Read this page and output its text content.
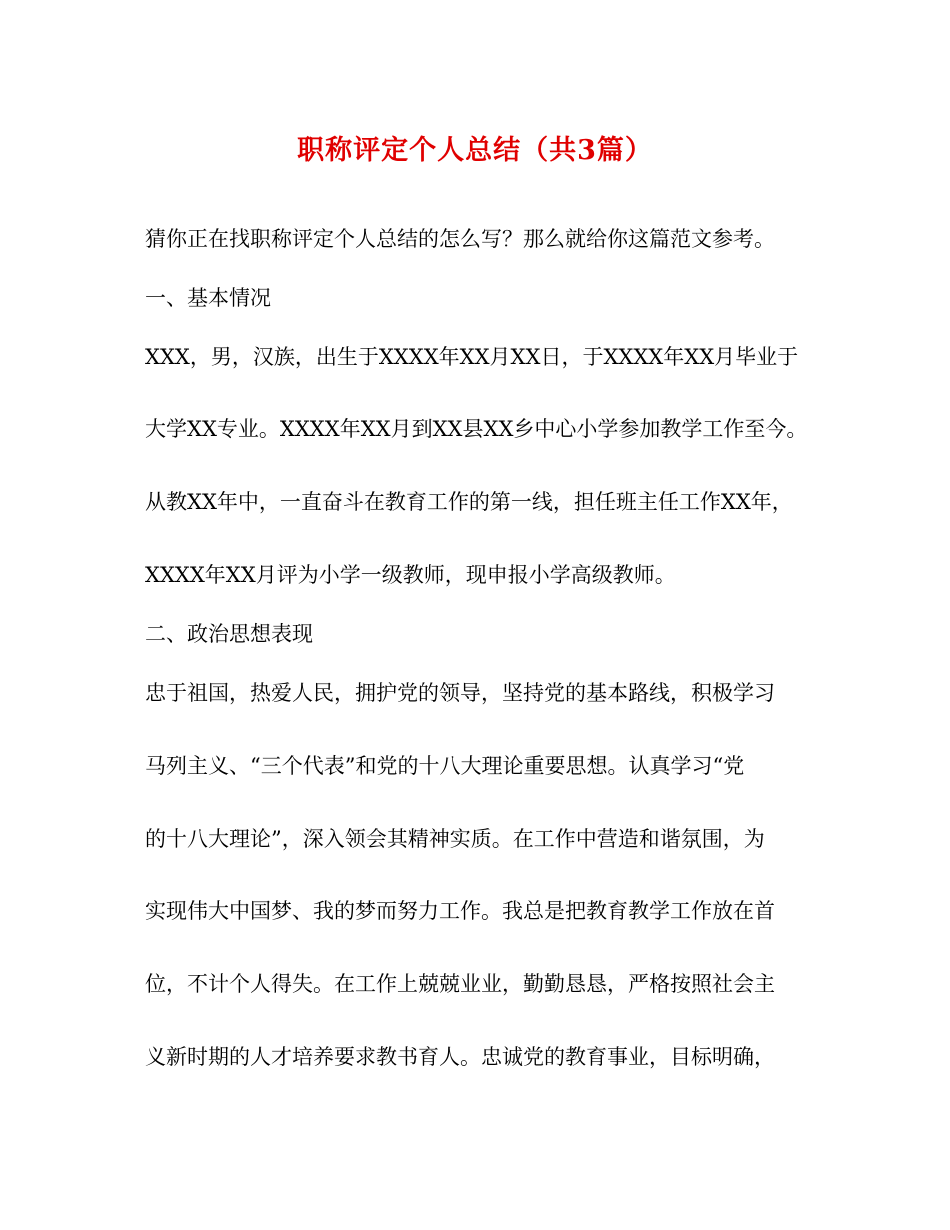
职称评定个人总结（共3篇）
猜你正在找职称评定个人总结的怎么写？那么就给你这篇范文参考。
一、基本情况
XXX，男，汉族，出生于XXXX年XX月XX日，于XXXX年XX月毕业于
大学XX专业。XXXX年XX月到XX县XX乡中心小学参加教学工作至今。
从教XX年中，一直奋斗在教育工作的第一线，担任班主任工作XX年，
XXXX年XX月评为小学一级教师，现申报小学高级教师。
二、政治思想表现
忠于祖国，热爱人民，拥护党的领导，坚持党的基本路线，积极学习
马列主义、“三个代表”和党的十八大理论重要思想。认真学习“党
的十八大理论”，深入领会其精神实质。在工作中营造和谐氛围，为
实现伟大中国梦、我的梦而努力工作。我总是把教育教学工作放在首
位，不计个人得失。在工作上兢兢业业，勤勤恳恳，严格按照社会主
义新时期的人才培养要求教书育人。忠诚党的教育事业，目标明确，
